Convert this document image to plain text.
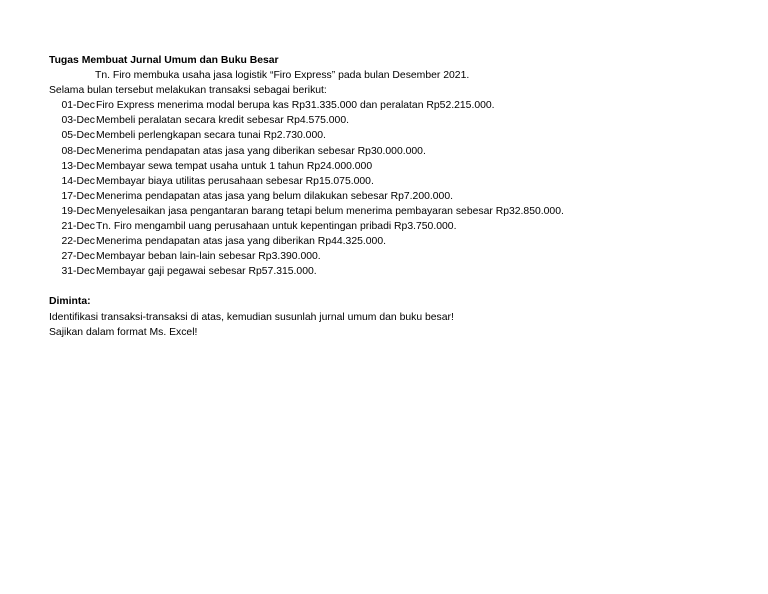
Tugas Membuat Jurnal Umum dan Buku Besar
Tn. Firo membuka usaha jasa logistik “Firo Express” pada bulan Desember 2021.
Selama bulan tersebut melakukan transaksi sebagai berikut:
01-Dec Firo Express menerima modal berupa kas Rp31.335.000 dan peralatan Rp52.215.000.
03-Dec Membeli peralatan secara kredit sebesar Rp4.575.000.
05-Dec Membeli perlengkapan secara tunai Rp2.730.000.
08-Dec Menerima pendapatan atas jasa yang diberikan sebesar Rp30.000.000.
13-Dec Membayar sewa tempat usaha untuk 1 tahun Rp24.000.000
14-Dec Membayar biaya utilitas perusahaan sebesar Rp15.075.000.
17-Dec Menerima pendapatan atas jasa yang belum dilakukan sebesar Rp7.200.000.
19-Dec Menyelesaikan jasa pengantaran barang tetapi belum menerima pembayaran sebesar Rp32.850.000.
21-Dec Tn. Firo mengambil uang perusahaan untuk kepentingan pribadi Rp3.750.000.
22-Dec Menerima pendapatan atas jasa yang diberikan Rp44.325.000.
27-Dec Membayar beban lain-lain sebesar Rp3.390.000.
31-Dec Membayar gaji pegawai sebesar Rp57.315.000.
Diminta:
Identifikasi transaksi-transaksi di atas, kemudian susunlah jurnal umum dan buku besar!
Sajikan dalam format Ms. Excel!
